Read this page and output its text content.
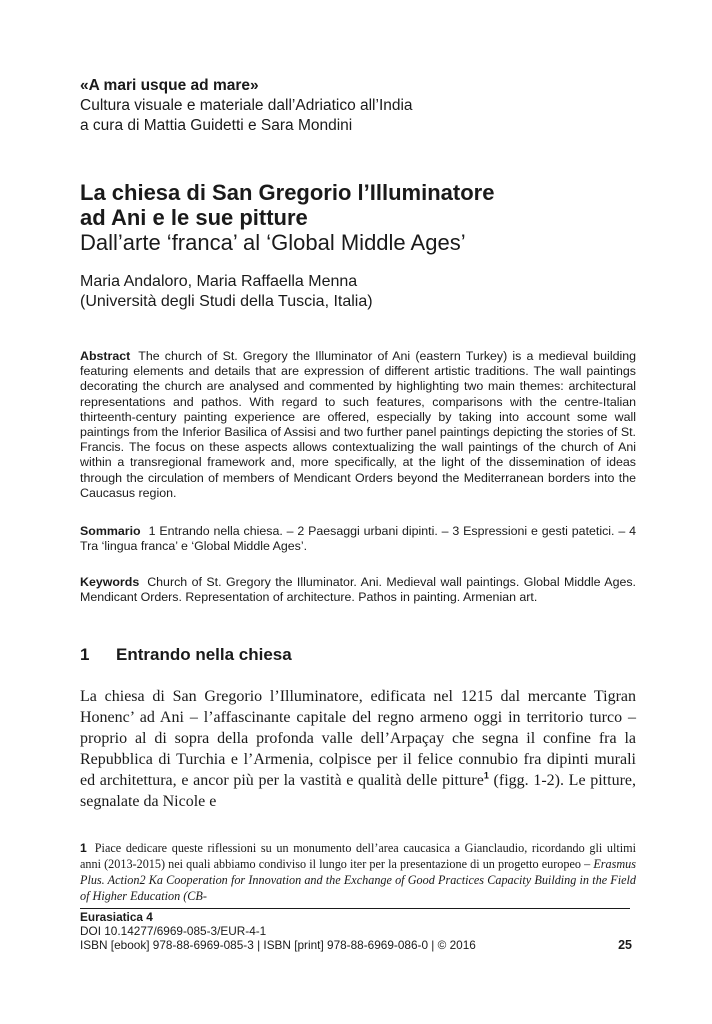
«A mari usque ad mare»
Cultura visuale e materiale dall’Adriatico all’India
a cura di Mattia Guidetti e Sara Mondini
La chiesa di San Gregorio l’Illuminatore
ad Ani e le sue pitture
Dall’arte ‘franca’ al ‘Global Middle Ages’
Maria Andaloro, Maria Raffaella Menna
(Università degli Studi della Tuscia, Italia)
Abstract The church of St. Gregory the Illuminator of Ani (eastern Turkey) is a medieval building featuring elements and details that are expression of different artistic traditions. The wall paintings decorating the church are analysed and commented by highlighting two main themes: architectural representations and pathos. With regard to such features, comparisons with the centre-Italian thirteenth-century painting experience are offered, especially by taking into account some wall paintings from the Inferior Basilica of Assisi and two further panel paintings depicting the stories of St. Francis. The focus on these aspects allows contextualizing the wall paintings of the church of Ani within a transregional framework and, more specifically, at the light of the dissemination of ideas through the circulation of members of Mendicant Orders beyond the Mediterranean borders into the Caucasus region.
Sommario 1 Entrando nella chiesa. – 2 Paesaggi urbani dipinti. – 3 Espressioni e gesti patetici. – 4 Tra ‘lingua franca’ e ‘Global Middle Ages’.
Keywords Church of St. Gregory the Illuminator. Ani. Medieval wall paintings. Global Middle Ages. Mendicant Orders. Representation of architecture. Pathos in painting. Armenian art.
1 Entrando nella chiesa
La chiesa di San Gregorio l’Illuminatore, edificata nel 1215 dal mercante Tigran Honenc’ ad Ani – l’affascinante capitale del regno armeno oggi in territorio turco – proprio al di sopra della profonda valle dell’Arpaçay che segna il confine fra la Repubblica di Turchia e l’Armenia, colpisce per il felice connubio fra dipinti murali ed architettura, e ancor più per la vastità e qualità delle pitture$^1$ (figg. 1-2). Le pitture, segnalate da Nicole e
1 Piace dedicare queste riflessioni su un monumento dell’area caucasica a Gianclaudio, ricordando gli ultimi anni (2013-2015) nei quali abbiamo condiviso il lungo iter per la presentazione di un progetto europeo – Erasmus Plus. Action2 Ka Cooperation for Innovation and the Exchange of Good Practices Capacity Building in the Field of Higher Education (CB-
Eurasiatica 4
DOI 10.14277/6969-085-3/EUR-4-1
ISBN [ebook] 978-88-6969-085-3 | ISBN [print] 978-88-6969-086-0 | © 2016	25
